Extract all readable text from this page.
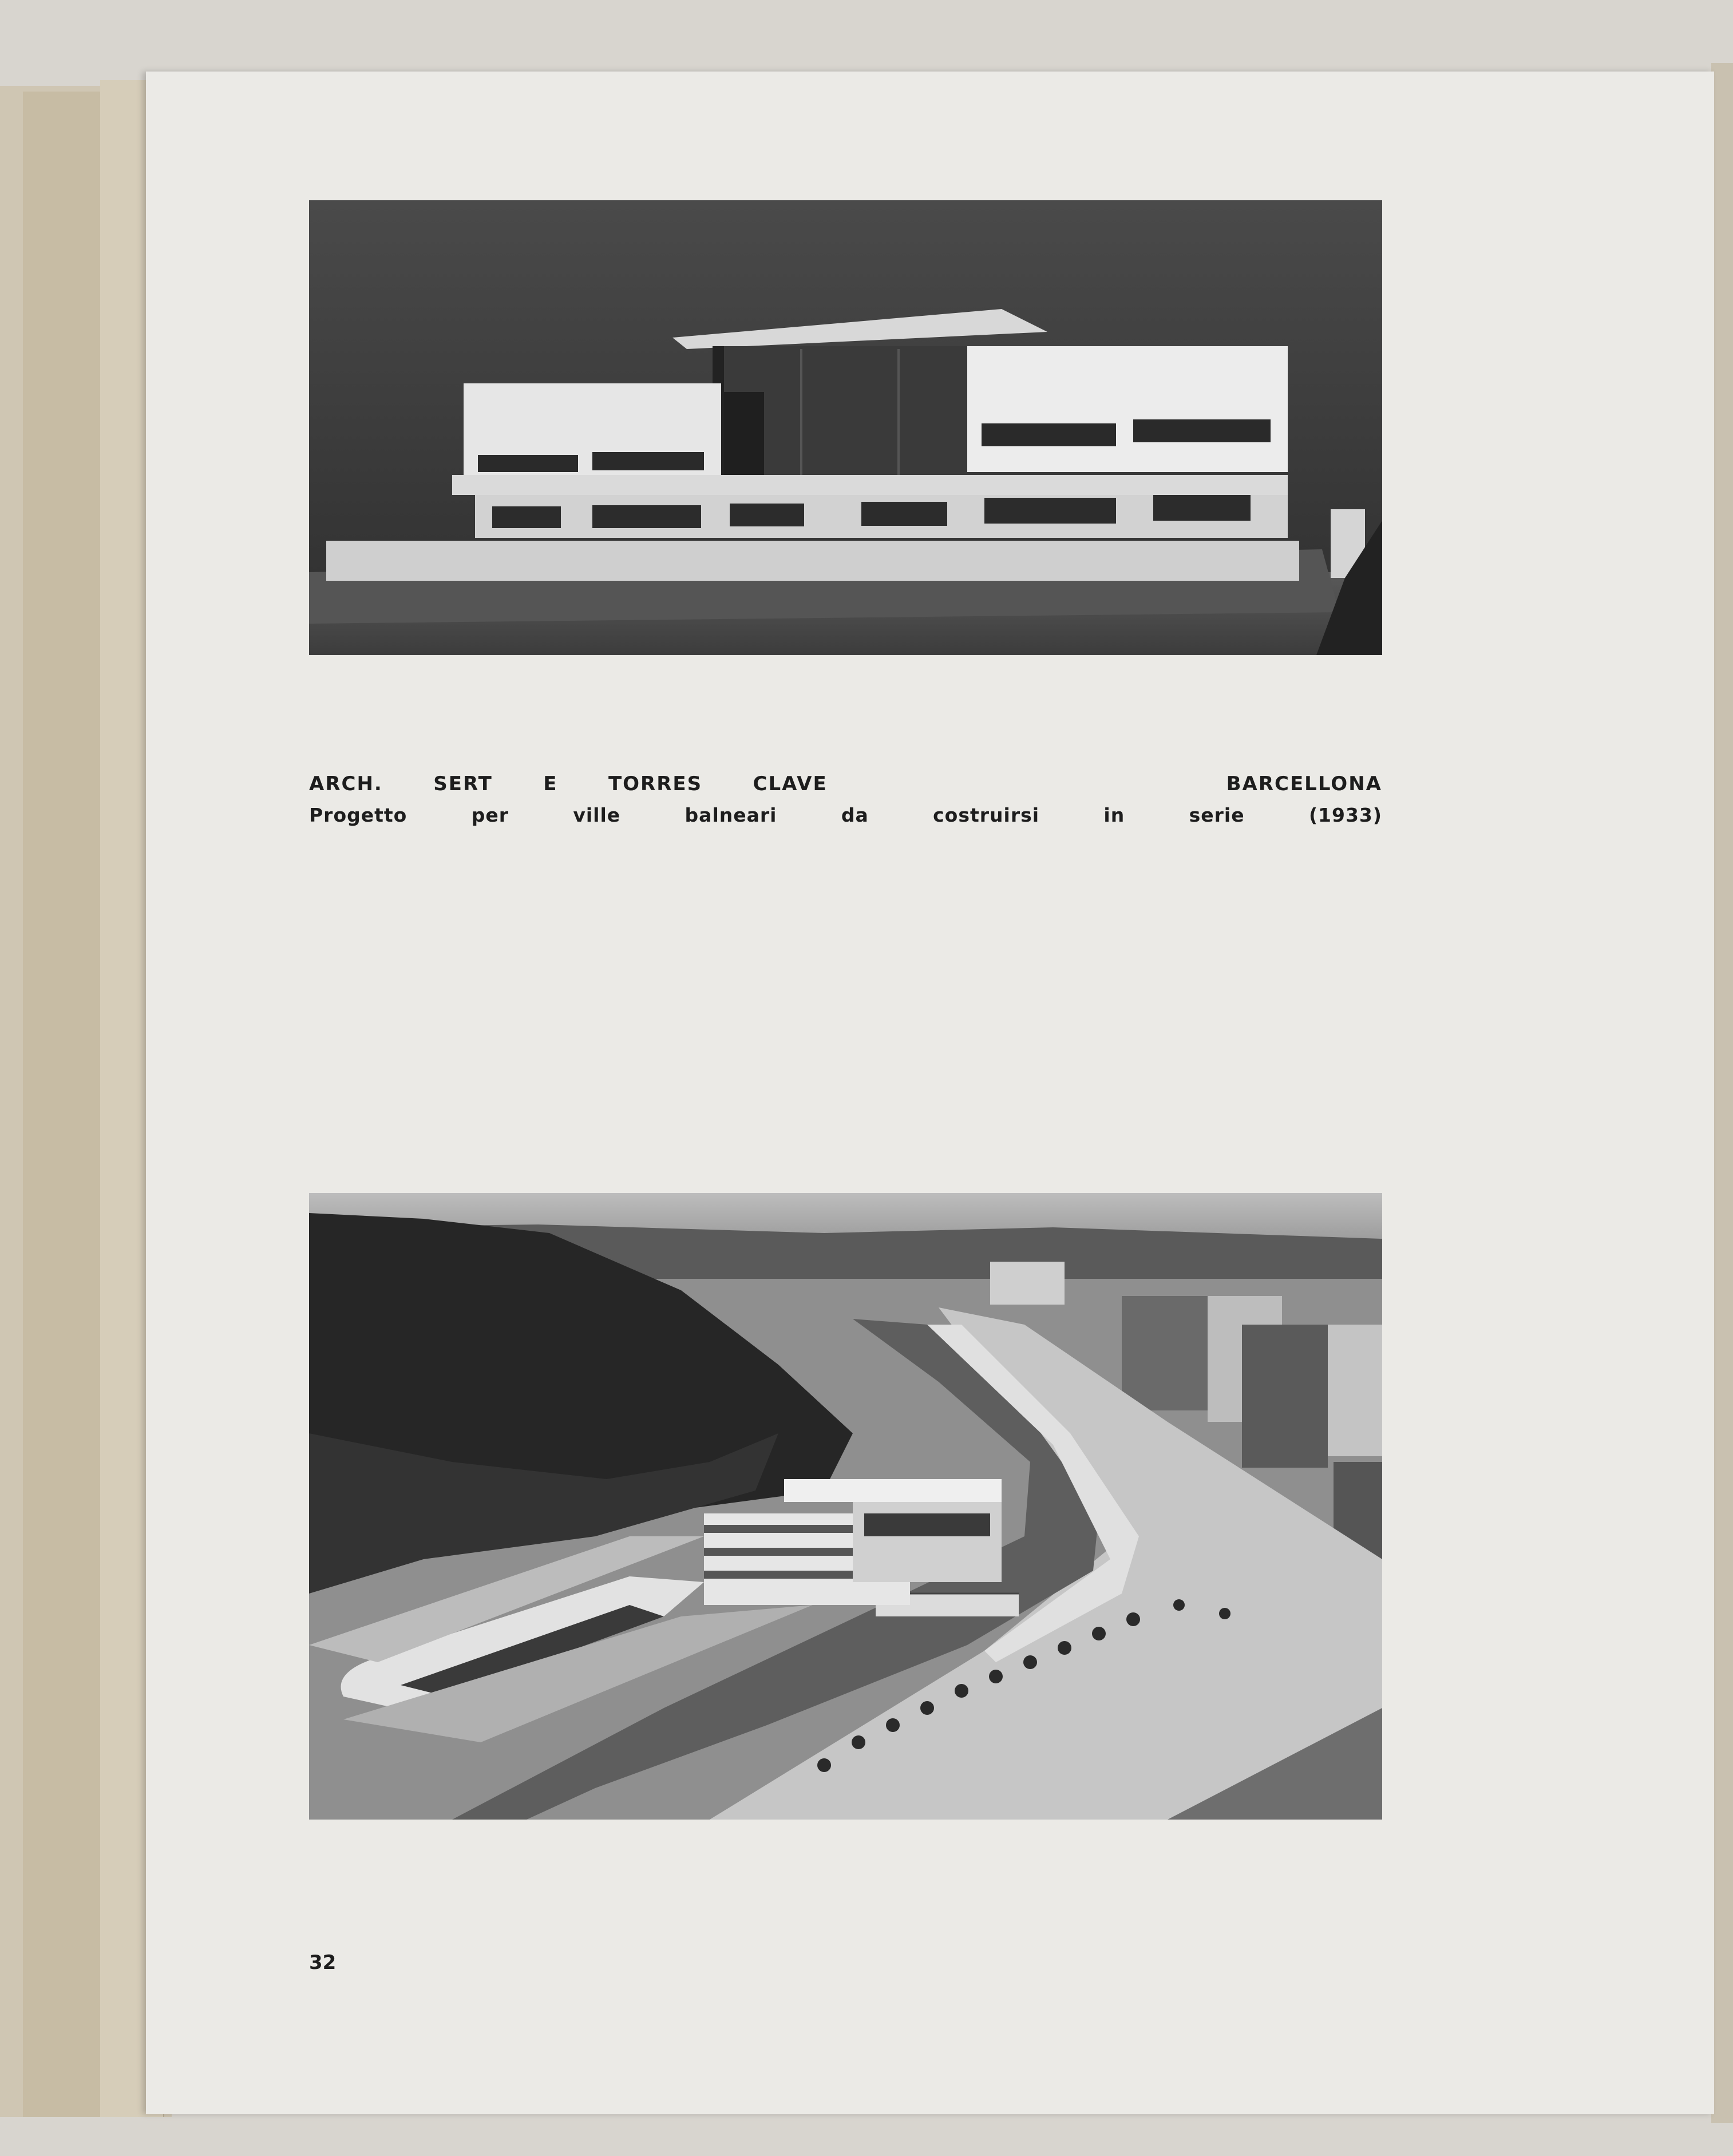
ARCH.	SERT	E	TORRES	CLAVE	BARCELLONA
Progetto	per	ville	balneari	da	costruirsi	in	serie	(1933)
32
